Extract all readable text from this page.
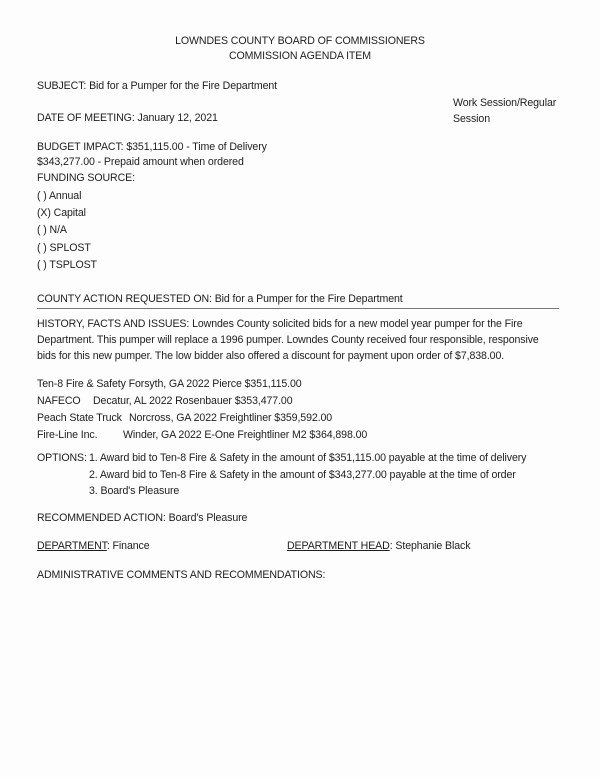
LOWNDES COUNTY BOARD OF COMMISSIONERS
COMMISSION AGENDA ITEM
SUBJECT: Bid for a Pumper for the Fire Department
Work Session/Regular
Session
DATE OF MEETING: January 12, 2021
BUDGET IMPACT: $351,115.00 - Time of Delivery
$343,277.00 - Prepaid amount when ordered
FUNDING SOURCE:
( ) Annual
(X) Capital
( ) N/A
( ) SPLOST
( ) TSPLOST
COUNTY ACTION REQUESTED ON: Bid for a Pumper for the Fire Department
HISTORY, FACTS AND ISSUES: Lowndes County solicited bids for a new model year pumper for the Fire
Department. This pumper will replace a 1996 pumper. Lowndes County received four responsible, responsive
bids for this new pumper. The low bidder also offered a discount for payment upon order of $7,838.00.
Ten-8 Fire & Safety Forsyth, GA 2022 Pierce $351,115.00
NAFECO Decatur, AL 2022 Rosenbauer $353,477.00
Peach State Truck Norcross, GA 2022 Freightliner $359,592.00
Fire-Line Inc. Winder, GA 2022 E-One Freightliner M2 $364,898.00
OPTIONS: 1. Award bid to Ten-8 Fire & Safety in the amount of $351,115.00 payable at the time of delivery
2. Award bid to Ten-8 Fire & Safety in the amount of $343,277.00 payable at the time of order
3. Board's Pleasure
RECOMMENDED ACTION: Board's Pleasure
DEPARTMENT: Finance	DEPARTMENT HEAD: Stephanie Black
ADMINISTRATIVE COMMENTS AND RECOMMENDATIONS:
